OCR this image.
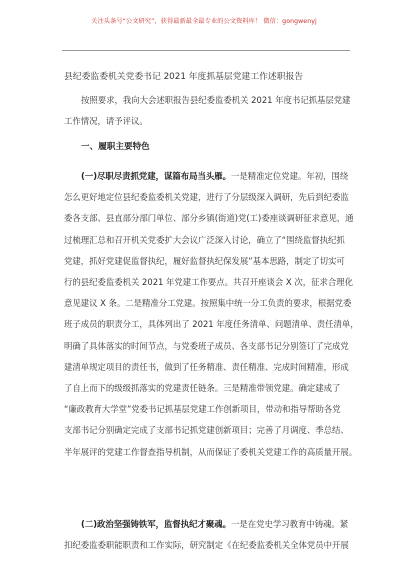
关注头条号“公文研究”，获得最新最全最专业的公文资料库！ 微信：gongwenyj
县纪委监委机关党委书记 2021 年度抓基层党建工作述职报告
按照要求，我向大会述职报告县纪委监委机关 2021 年度书记抓基层党建
工作情况，请予评议。
一、履职主要特色
(一)尽职尽责抓党建，谋篇布局当头雁。一是精准定位党建。年初，围绕
怎么更好地定位县纪委监委机关党建，进行了分层级深入调研，先后到纪委监
委各支部、县直部分部门单位、部分乡镇(街道)党(工)委座谈调研征求意见，通
过梳理汇总和召开机关党委扩大会议广泛深入讨论，确立了“围绕监督执纪抓
党建，抓好党建促监督执纪，履好监督执纪保发展”基本思路，制定了切实可
行的县纪委监委机关 2021 年党建工作要点。共召开座谈会 X 次，征求合理化
意见建议 X 条。二是精准分工党建。按照集中统一分工负责的要求，根据党委
班子成员的职责分工，具体列出了 2021 年度任务清单、问题清单、责任清单，
明确了具体落实的时间节点，与党委班子成员、各支部书记分别签订了完成党
建清单规定项目的责任书，做到了任务精准、责任精准、完成时间精准，形成
了自上而下的级级抓落实的党建责任链条。三是精准带领党建。确定建成了
“廉政教育大学堂”党委书记抓基层党建工作创新项目，带动和指导帮助各党
支部书记分别确定完成了支部书记抓党建创新项目；完善了月调度、季总结、
半年展评的党建工作督查指导机制，从而保证了委机关党建工作的高质量开展。
(二)政治坚强铸铁军，监督执纪才聚魂。一是在党史学习教育中铸魂。紧
扣纪委监委职能职责和工作实际，研究制定《在纪委监委机关全体党员中开展
